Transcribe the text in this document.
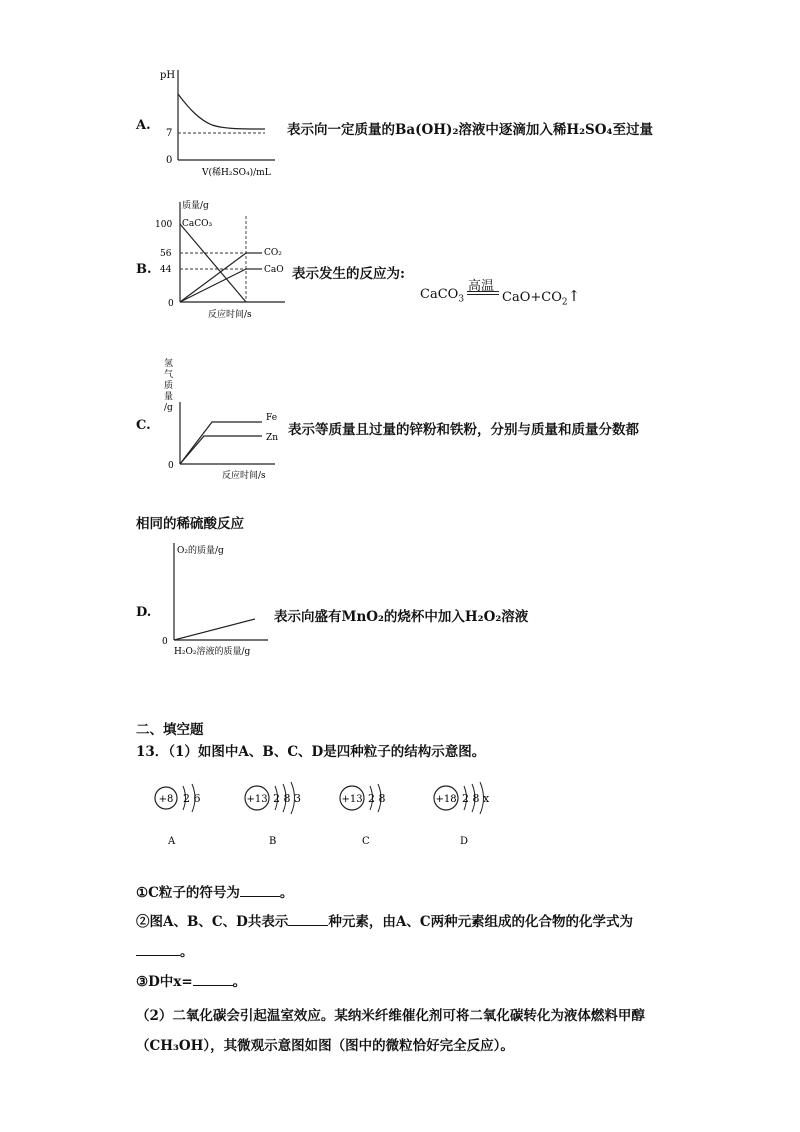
A.
pH
7
0
V(稀H₂SO₄)/mL
表示向一定质量的Ba(OH)₂溶液中逐滴加入稀H₂SO₄至过量
B.
质量/g
100
56
44
0
CaCO₃
CO₂
CaO
反应时间/s
表示发生的反应为:
高温
CaCO$_3$	$CaO+CO_2↑$
C.
氢
气
质
量
/g
0
Fe
Zn
反应时间/s
表示等质量且过量的锌粉和铁粉，分别与质量和质量分数都
相同的稀硫酸反应
D.
O₂的质量/g
0
H₂O₂溶液的质量/g
表示向盛有MnO₂的烧杯中加入H₂O₂溶液
二、填空题
13．（1）如图中A、B、C、D是四种粒子的结构示意图。
+8 2 6
A
+13 2 8 3
B
+13 2 8
C
+18 2 8 x
D
①C粒子的符号为	。
②图A、B、C、D共表示	种元素，由A、C两种元素组成的化合物的化学式为
。
③D中x=	。
（2）二氧化碳会引起温室效应。某纳米纤维催化剂可将二氧化碳转化为液体燃料甲醇
（CH₃OH），其微观示意图如图（图中的微粒恰好完全反应）。
